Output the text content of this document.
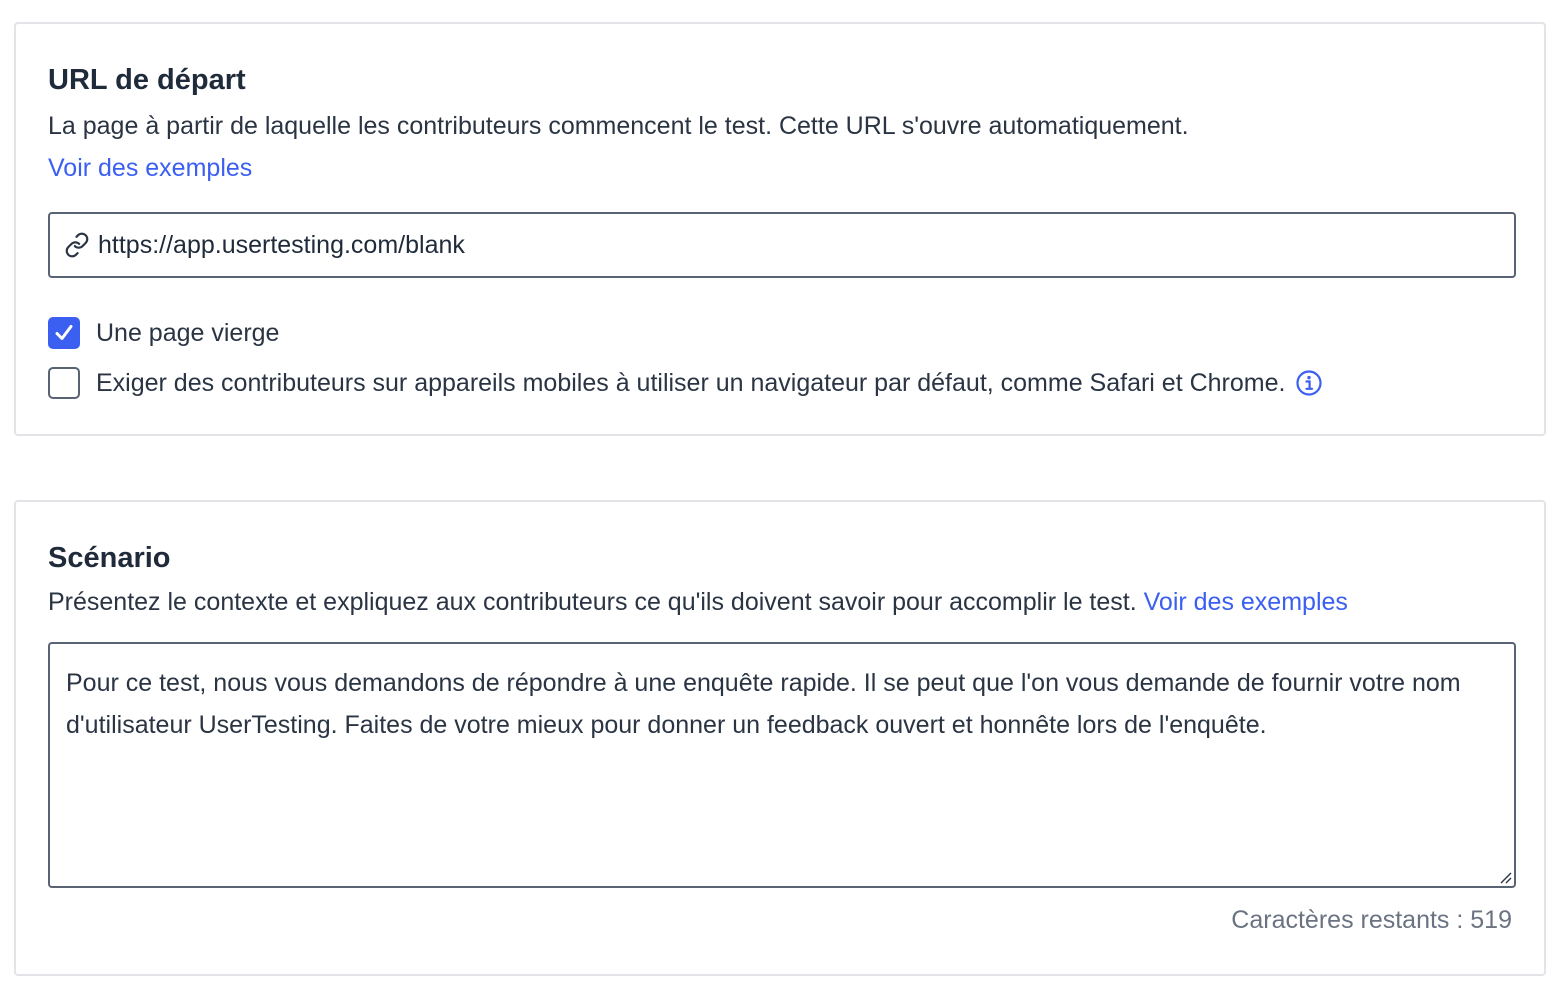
URL de départ
La page à partir de laquelle les contributeurs commencent le test. Cette URL s'ouvre automatiquement.
Voir des exemples
https://app.usertesting.com/blank
Une page vierge
Exiger des contributeurs sur appareils mobiles à utiliser un navigateur par défaut, comme Safari et Chrome.
Scénario
Présentez le contexte et expliquez aux contributeurs ce qu'ils doivent savoir pour accomplir le test. Voir des exemples
Pour ce test, nous vous demandons de répondre à une enquête rapide. Il se peut que l'on vous demande de fournir votre nom d'utilisateur UserTesting. Faites de votre mieux pour donner un feedback ouvert et honnête lors de l'enquête.
Caractères restants : 519
